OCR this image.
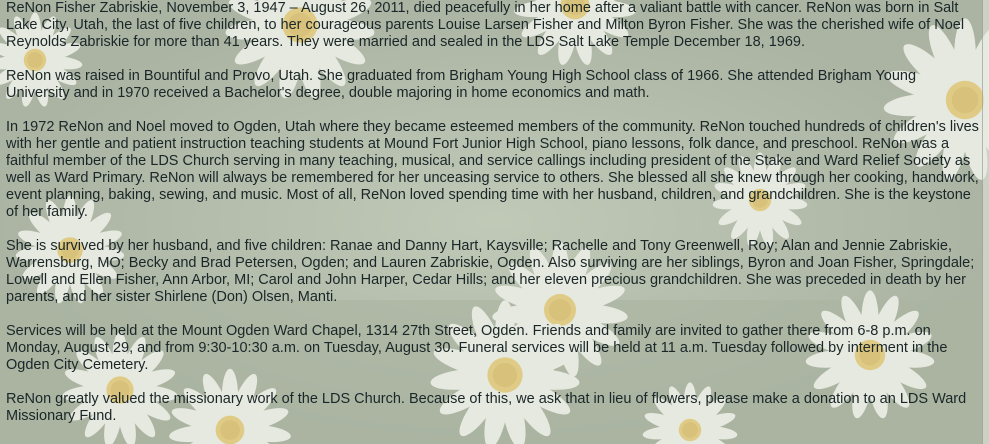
ReNon Fisher Zabriskie, November 3, 1947 – August 26, 2011, died peacefully in her home after a valiant battle with cancer. ReNon was born in Salt Lake City, Utah, the last of five children, to her courageous parents Louise Larsen Fisher and Milton Byron Fisher. She was the cherished wife of Noel Reynolds Zabriskie for more than 41 years. They were married and sealed in the LDS Salt Lake Temple December 18, 1969.

ReNon was raised in Bountiful and Provo, Utah. She graduated from Brigham Young High School class of 1966. She attended Brigham Young University and in 1970 received a Bachelor's degree, double majoring in home economics and math.

In 1972 ReNon and Noel moved to Ogden, Utah where they became esteemed members of the community. ReNon touched hundreds of children's lives with her gentle and patient instruction teaching students at Mound Fort Junior High School, piano lessons, folk dance, and preschool. ReNon was a faithful member of the LDS Church serving in many teaching, musical, and service callings including president of the Stake and Ward Relief Society as well as Ward Primary. ReNon will always be remembered for her unceasing service to others. She blessed all she knew through her cooking, handwork, event planning, baking, sewing, and music. Most of all, ReNon loved spending time with her husband, children, and grandchildren. She is the keystone of her family.

She is survived by her husband, and five children: Ranae and Danny Hart, Kaysville; Rachelle and Tony Greenwell, Roy; Alan and Jennie Zabriskie, Warrensburg, MO; Becky and Brad Petersen, Ogden; and Lauren Zabriskie, Ogden. Also surviving are her siblings, Byron and Joan Fisher, Springdale; Lowell and Ellen Fisher, Ann Arbor, MI; Carol and John Harper, Cedar Hills; and her eleven precious grandchildren. She was preceded in death by her parents, and her sister Shirlene (Don) Olsen, Manti.

Services will be held at the Mount Ogden Ward Chapel, 1314 27th Street, Ogden. Friends and family are invited to gather there from 6-8 p.m. on Monday, August 29, and from 9:30-10:30 a.m. on Tuesday, August 30. Funeral services will be held at 11 a.m. Tuesday followed by interment in the Ogden City Cemetery.

ReNon greatly valued the missionary work of the LDS Church. Because of this, we ask that in lieu of flowers, please make a donation to an LDS Ward Missionary Fund.
